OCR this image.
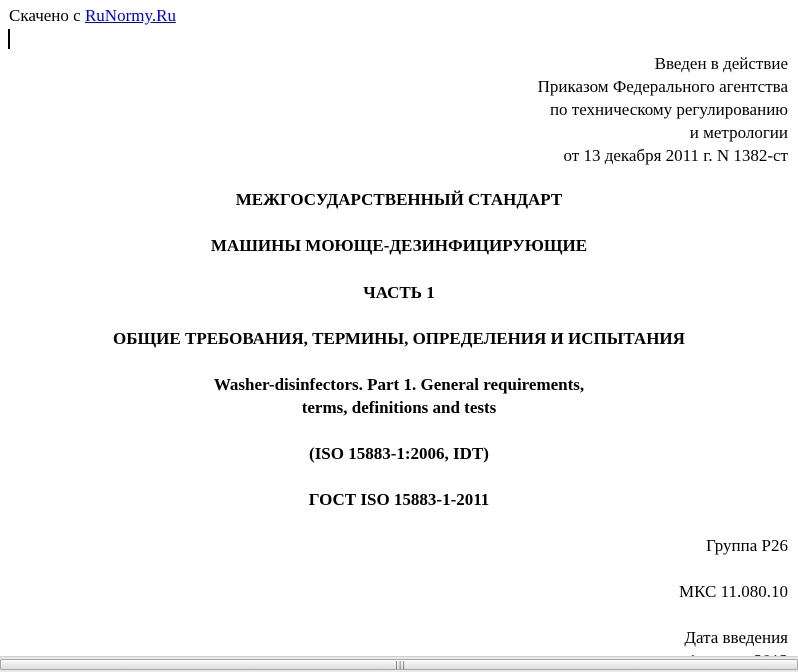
Скачено с RuNormy.Ru
Введен в действие
Приказом Федерального агентства
по техническому регулированию
и метрологии
от 13 декабря 2011 г. N 1382-ст
МЕЖГОСУДАРСТВЕННЫЙ СТАНДАРТ
МАШИНЫ МОЮЩЕ-ДЕЗИНФИЦИРУЮЩИЕ
ЧАСТЬ 1
ОБЩИЕ ТРЕБОВАНИЯ, ТЕРМИНЫ, ОПРЕДЕЛЕНИЯ И ИСПЫТАНИЯ
Washer-disinfectors. Part 1. General requirements,
terms, definitions and tests
(ISO 15883-1:2006, IDT)
ГОСТ ISO 15883-1-2011
Группа Р26
МКС 11.080.10
Дата введения
|||
